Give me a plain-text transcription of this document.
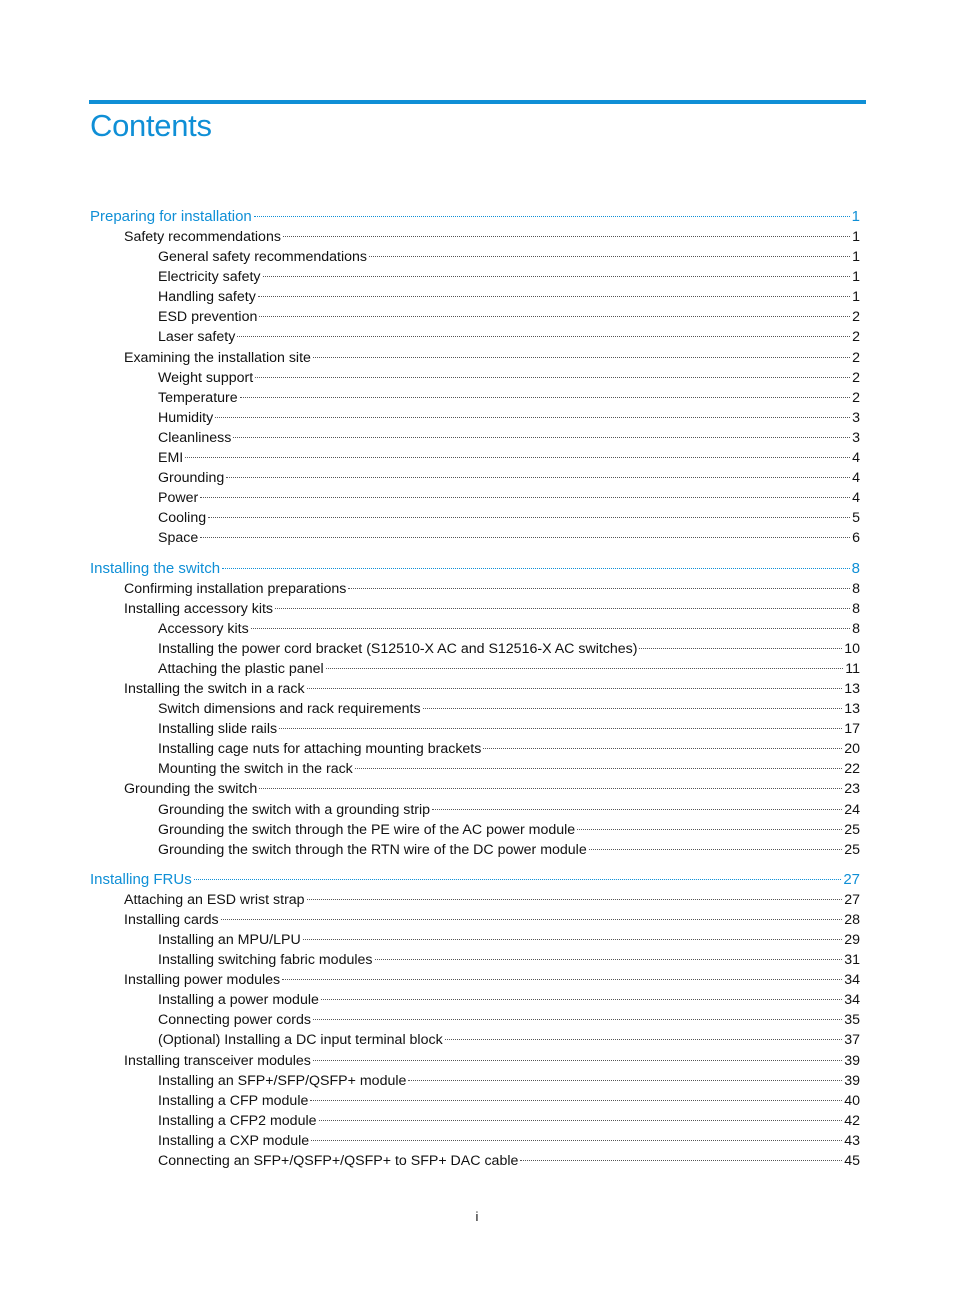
Contents
Preparing for installation	1
Safety recommendations	1
General safety recommendations	1
Electricity safety	1
Handling safety	1
ESD prevention	2
Laser safety	2
Examining the installation site	2
Weight support	2
Temperature	2
Humidity	3
Cleanliness	3
EMI	4
Grounding	4
Power	4
Cooling	5
Space	6
Installing the switch	8
Confirming installation preparations	8
Installing accessory kits	8
Accessory kits	8
Installing the power cord bracket (S12510-X AC and S12516-X AC switches)	10
Attaching the plastic panel	11
Installing the switch in a rack	13
Switch dimensions and rack requirements	13
Installing slide rails	17
Installing cage nuts for attaching mounting brackets	20
Mounting the switch in the rack	22
Grounding the switch	23
Grounding the switch with a grounding strip	24
Grounding the switch through the PE wire of the AC power module	25
Grounding the switch through the RTN wire of the DC power module	25
Installing FRUs	27
Attaching an ESD wrist strap	27
Installing cards	28
Installing an MPU/LPU	29
Installing switching fabric modules	31
Installing power modules	34
Installing a power module	34
Connecting power cords	35
(Optional) Installing a DC input terminal block	37
Installing transceiver modules	39
Installing an SFP+/SFP/QSFP+ module	39
Installing a CFP module	40
Installing a CFP2 module	42
Installing a CXP module	43
Connecting an SFP+/QSFP+/QSFP+ to SFP+ DAC cable	45
i
